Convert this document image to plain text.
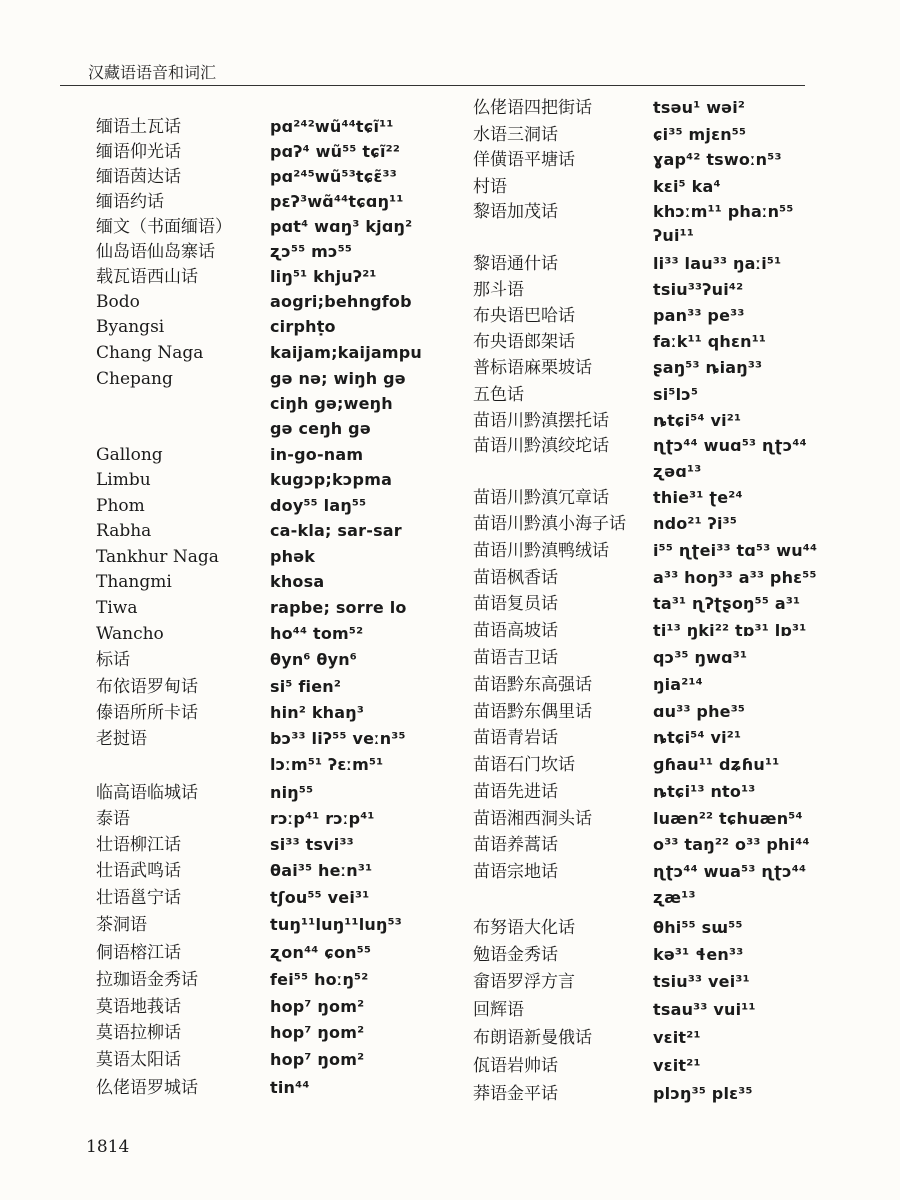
汉藏语语音和词汇
缅语土瓦话	pɑ²⁴²wũ⁴⁴tɕĩ¹¹
缅语仰光话	pɑʔ⁴ wũ⁵⁵ tɕĩ²²
缅语茵达话	pɑ²⁴⁵wũ⁵³tɕɛ̃³³
缅语约话	pɛʔ³wɑ̃⁴⁴tɕɑŋ¹¹
缅文（书面缅语） pɑt⁴ wɑŋ³ kjɑŋ²
仙岛语仙岛寨话	ʐɔ⁵⁵ mɔ⁵⁵
载瓦语西山话	liŋ⁵¹ khjuʔ²¹
Bodo	aogri;behngfob
Byangsi	cirphṭo
Chang Naga	kaijam;kaijampu
Chepang	gə nə; wiŋh gə
ciŋh gə;weŋh
gə ceŋh gə
Gallong	in-go-nam
Limbu	kugɔp;kɔpma
Phom	doy⁵⁵ laŋ⁵⁵
Rabha	ca-kla; sar-sar
Tankhur Naga	phək
Thangmi	khosa
Tiwa	rapbe; sorre lo
Wancho	ho⁴⁴ tom⁵²
标话	θyn⁶ θyn⁶
布依语罗甸话	si⁵ fien²
傣语所所卡话	hin² khaŋ³
老挝语	bɔ³³ liʔ⁵⁵ veːn³⁵
lɔːm⁵¹ ʔɛːm⁵¹
临高语临城话	niŋ⁵⁵
泰语	rɔːp⁴¹ rɔːp⁴¹
壮语柳江话	si³³ tsvi³³
壮语武鸣话	θai³⁵ heːn³¹
壮语邕宁话	tʃou⁵⁵ vei³¹
茶洞语	tuŋ¹¹luŋ¹¹luŋ⁵³
侗语榕江话	ʐon⁴⁴ ɕon⁵⁵
拉珈语金秀话	fei⁵⁵ hoːŋ⁵²
莫语地莪话	hop⁷ ŋom²
莫语拉柳话	hop⁷ ŋom²
莫语太阳话	hop⁷ ŋom²
仫佬语罗城话	tin⁴⁴
仫佬语四把街话	tsəu¹ wəi²
水语三洞话	ɕi³⁵ mjɛn⁵⁵
佯僙语平塘话	ɣap⁴² tswoːn⁵³
村语	kɛi⁵ ka⁴
黎语加茂话	khɔːm¹¹ phaːn⁵⁵
ʔui¹¹
黎语通什话	li³³ lau³³ ŋaːi⁵¹
那斗语	tsiu³³ʔui⁴²
布央语巴哈话	pan³³ pe³³
布央语郎架话	faːk¹¹ qhɛn¹¹
普标语麻栗坡话	ʂaŋ⁵³ ȵiaŋ³³
五色话	si⁵lɔ⁵
苗语川黔滇摆托话	ȵtɕi⁵⁴ vi²¹
苗语川黔滇绞坨话	ɳʈɔ⁴⁴ wuɑ⁵³ ɳʈɔ⁴⁴
ʐəɑ¹³
苗语川黔滇冗章话	thie³¹ ʈe²⁴
苗语川黔滇小海子话 ndo²¹ ʔi³⁵
苗语川黔滇鸭绒话	i⁵⁵ ɳʈei³³ tɑ⁵³ wu⁴⁴
苗语枫香话	a³³ hoŋ³³ a³³ phɛ⁵⁵
苗语复员话	ta³¹ ɳʔʈʂoŋ⁵⁵ a³¹
苗语高坡话	ti¹³ ŋki²² tɒ³¹ lɒ³¹
苗语吉卫话	qɔ³⁵ ŋwɑ³¹
苗语黔东高强话	ŋia²¹⁴
苗语黔东偶里话	ɑu³³ phe³⁵
苗语青岩话	ȵtɕi⁵⁴ vi²¹
苗语石门坎话	ɡɦau¹¹ dʑɦu¹¹
苗语先进话	ȵtɕi¹³ nto¹³
苗语湘西洞头话	luæn²² tɕhuæn⁵⁴
苗语养蒿话	o³³ taŋ²² o³³ phi⁴⁴
苗语宗地话	ɳʈɔ⁴⁴ wua⁵³ ɳʈɔ⁴⁴
ʐæ¹³
布努语大化话	θhi⁵⁵ sɯ⁵⁵
勉语金秀话	kə³¹ ɬen³³
畲语罗浮方言	tsiu³³ vei³¹
回辉语	tsau³³ vui¹¹
布朗语新曼俄话	vɛit²¹
佤语岩帅话	vɛit²¹
莽语金平话	plɔŋ³⁵ plɛ³⁵
1814
